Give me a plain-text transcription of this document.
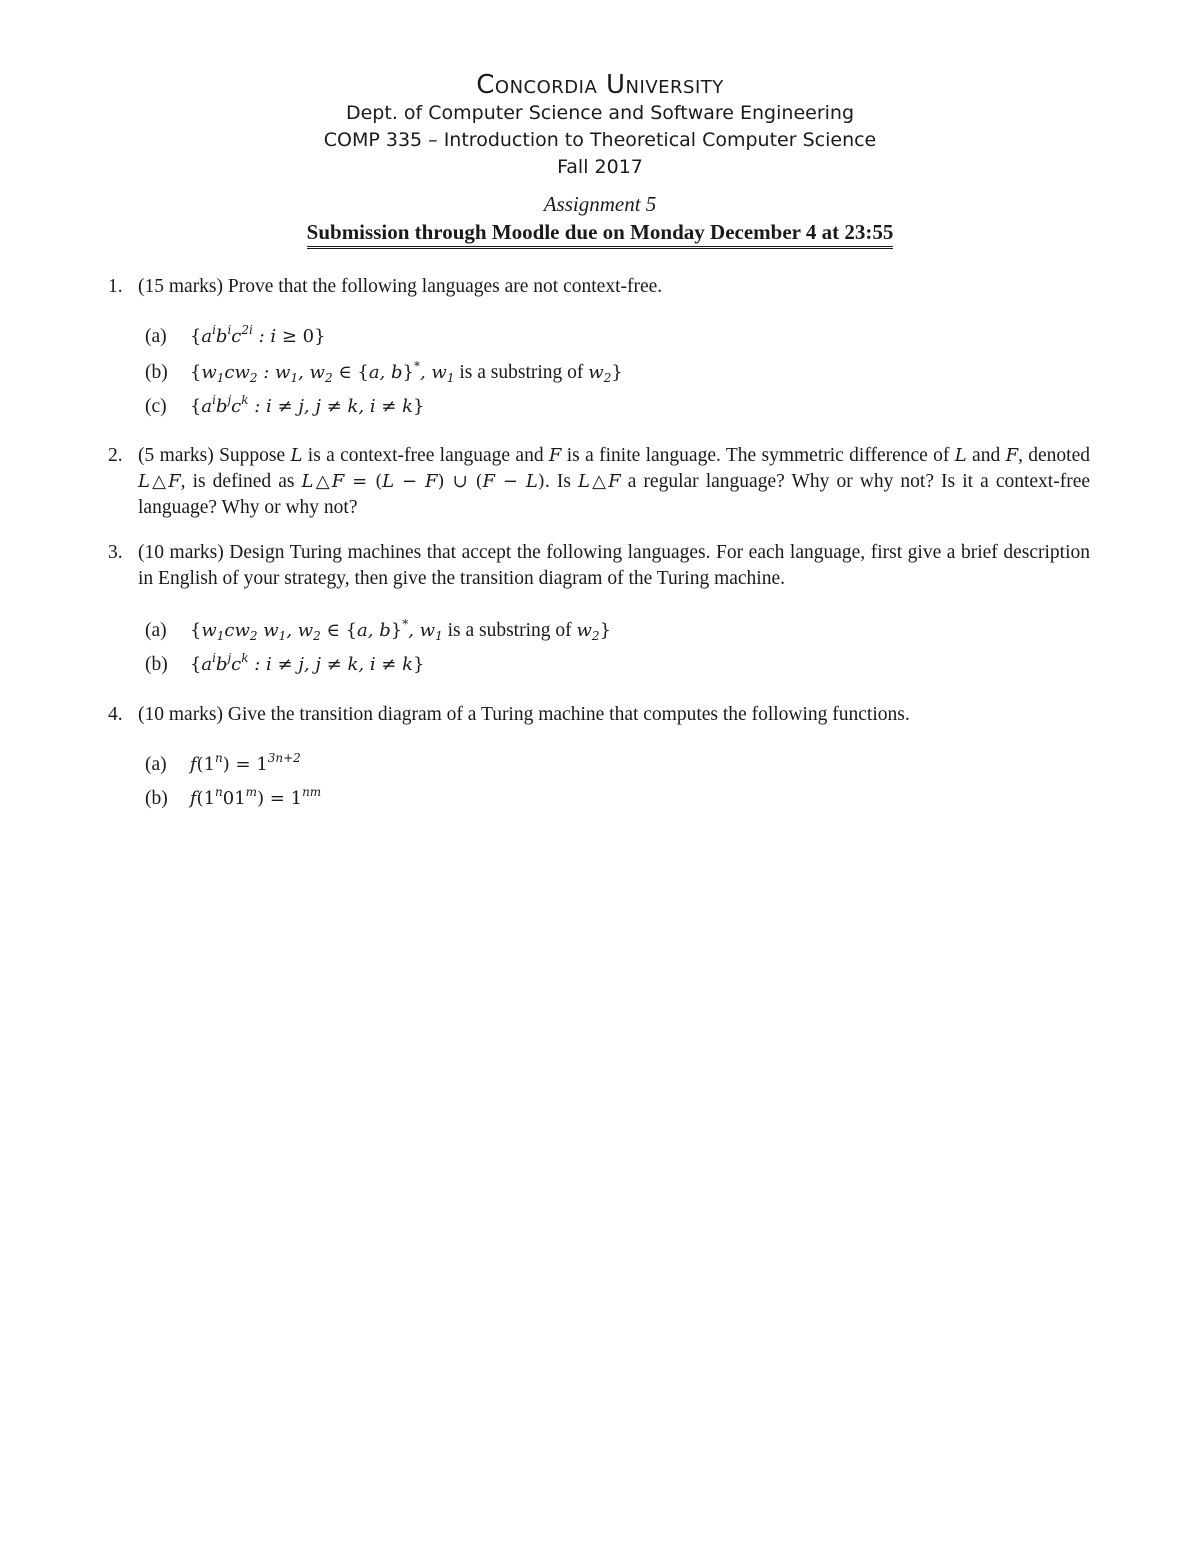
Concordia University
Dept. of Computer Science and Software Engineering
COMP 335 – Introduction to Theoretical Computer Science
Fall 2017
Assignment 5
Submission through Moodle due on Monday December 4 at 23:55
1. (15 marks) Prove that the following languages are not context-free.
(a) {$a^ib^ic^{2i}$ : i ≥ 0}
(b) {$w_1cw_2$ : $w_1$, $w_2$ ∈ {a, b}*, $w_1$ is a substring of $w_2$}
(c) {$a^ib^jc^k$ : i ≠ j, j ≠ k, i ≠ k}
2. (5 marks) Suppose L is a context-free language and F is a finite language. The symmetric difference of L and F, denoted L△F, is defined as L△F = (L − F) ∪ (F − L). Is L△F a regular language? Why or why not? Is it a context-free language? Why or why not?
3. (10 marks) Design Turing machines that accept the following languages. For each language, first give a brief description in English of your strategy, then give the transition diagram of the Turing machine.
(a) {$w_1cw_2$ $w_1$, $w_2$ ∈ {a, b}*, $w_1$ is a substring of $w_2$}
(b) {$a^ib^jc^k$ : i ≠ j, j ≠ k, i ≠ k}
4. (10 marks) Give the transition diagram of a Turing machine that computes the following functions.
(a) $f(1^n) = 1^{3n+2}$
(b) $f(1^n01^m) = 1^{nm}$
